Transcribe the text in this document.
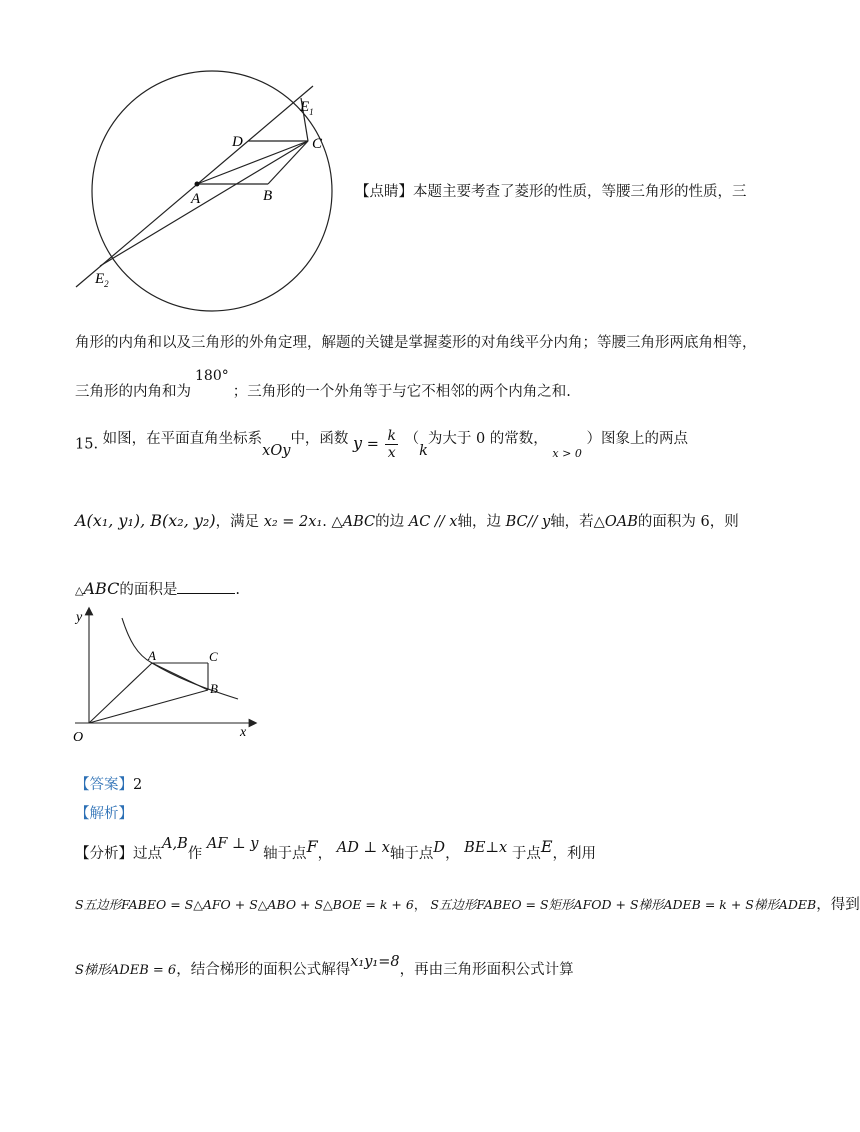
$E_1$
D	C
A	B
$E_2$
【点睛】本题主要考查了菱形的性质，等腰三角形的性质，三
角形的内角和以及三角形的外角定理，解题的关键是掌握菱形的对角线平分内角；等腰三角形两底角相等，
三角形的内角和为180°；三角形的一个外角等于与它不相邻的两个内角之和.
15. 如图，在平面直角坐标系xOy中，函数 $y = \frac{k}{x} (k$为大于 0 的常数， $_{x > 0}$ ）图象上的两点
A(x₁, y₁), B(x₂, y₂)，满足 x₂ = 2x₁. △ABC的边 AC // x轴，边 BC// y轴，若△OAB的面积为 6，则
△ABC的面积是	.
y
x
O
A
B
C
【答案】2
【解析】
【分析】过点A,B作 AF ⊥ y 轴于点F， AD ⊥ x轴于点D， BE⊥x 于点E，利用
S五边形FABEO = S△AFO + S△ABO + S△BOE = k + 6， S五边形FABEO = S矩形AFOD + S梯形ADEB = k + S梯形ADEB，得到
S梯形ADEB = 6，结合梯形的面积公式解得x₁y₁=8，再由三角形面积公式计算
